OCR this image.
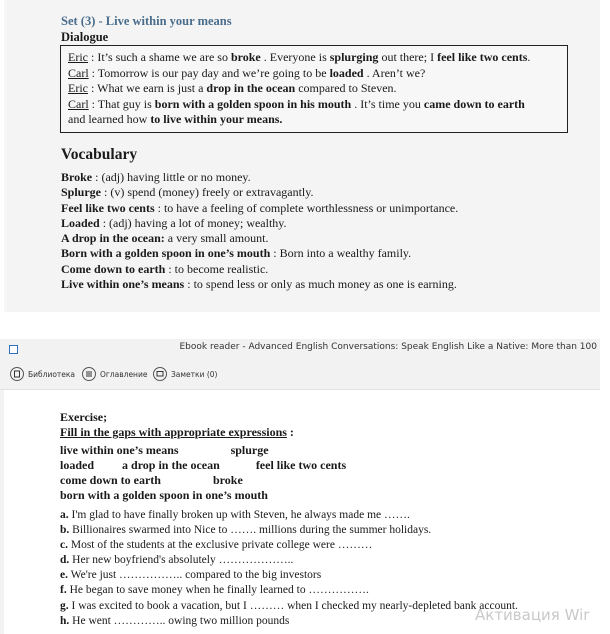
Set (3) - Live within your means
Dialogue
Eric : It’s such a shame we are so broke . Everyone is splurging out there; I feel like two cents.
Carl : Tomorrow is our pay day and we’re going to be loaded . Aren’t we?
Eric : What we earn is just a drop in the ocean compared to Steven.
Carl : That guy is born with a golden spoon in his mouth . It’s time you came down to earth
and learned how to live within your means.
Vocabulary
Broke : (adj) having little or no money.
Splurge : (v) spend (money) freely or extravagantly.
Feel like two cents : to have a feeling of complete worthlessness or unimportance.
Loaded : (adj) having a lot of money; wealthy.
A drop in the ocean: a very small amount.
Born with a golden spoon in one’s mouth : Born into a wealthy family.
Come down to earth : to become realistic.
Live within one’s means : to spend less or only as much money as one is earning.
Ebook reader - Advanced English Conversations: Speak English Like a Native: More than 100
Библиотека	Оглавление	Заметки (0)
Exercise;
Fill in the gaps with appropriate expressions :
live within one’s means	splurge
loaded a drop in the ocean	feel like two cents
come down to earth	broke
born with a golden spoon in one’s mouth
a. I'm glad to have finally broken up with Steven, he always made me …….
b. Billionaires swarmed into Nice to ……. millions during the summer holidays.
c. Most of the students at the exclusive private college were ………
d. Her new boyfriend's absolutely ………………..
e. We're just …………….. compared to the big investors
f. He began to save money when he finally learned to …………….
g. I was excited to book a vacation, but I ……… when I checked my nearly-depleted bank account.
h. He went ………….. owing two million pounds	Активация Wir
